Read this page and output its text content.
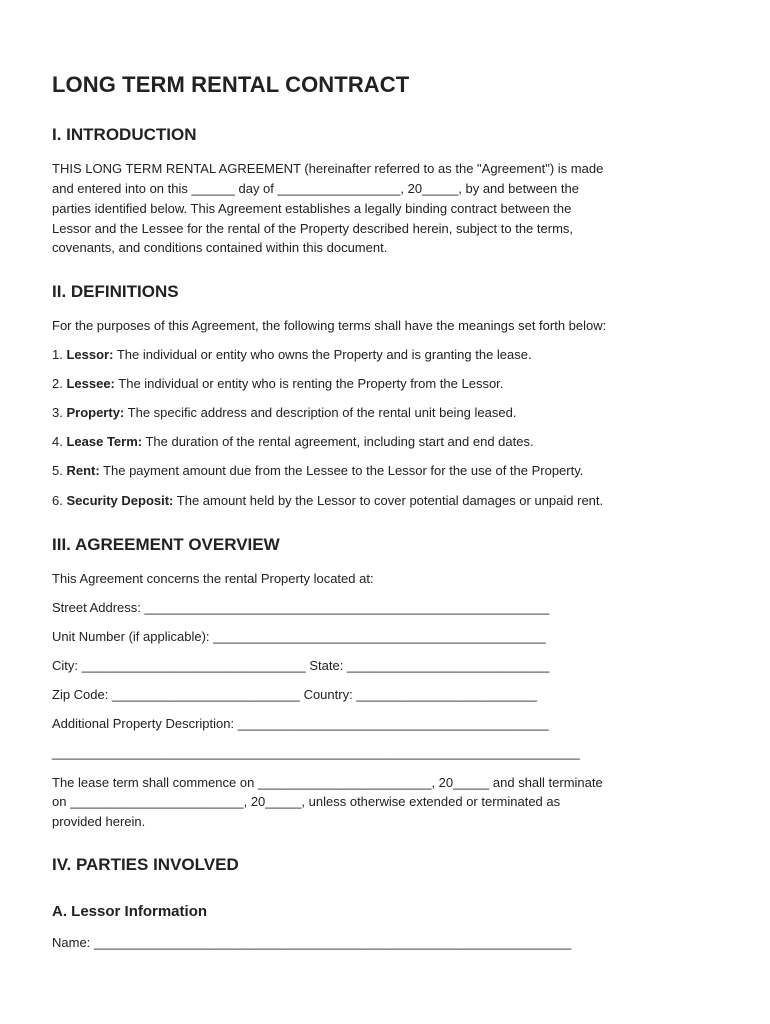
LONG TERM RENTAL CONTRACT
I. INTRODUCTION
THIS LONG TERM RENTAL AGREEMENT (hereinafter referred to as the "Agreement") is made
and entered into on this ______ day of _________________, 20_____, by and between the
parties identified below. This Agreement establishes a legally binding contract between the
Lessor and the Lessee for the rental of the Property described herein, subject to the terms,
covenants, and conditions contained within this document.
II. DEFINITIONS
For the purposes of this Agreement, the following terms shall have the meanings set forth below:
1. Lessor: The individual or entity who owns the Property and is granting the lease.
2. Lessee: The individual or entity who is renting the Property from the Lessor.
3. Property: The specific address and description of the rental unit being leased.
4. Lease Term: The duration of the rental agreement, including start and end dates.
5. Rent: The payment amount due from the Lessee to the Lessor for the use of the Property.
6. Security Deposit: The amount held by the Lessor to cover potential damages or unpaid rent.
III. AGREEMENT OVERVIEW
This Agreement concerns the rental Property located at:
Street Address: ________________________________________________________
Unit Number (if applicable): ______________________________________________
City: _______________________________ State: ____________________________
Zip Code: __________________________ Country: _________________________
Additional Property Description: ___________________________________________
_________________________________________________________________________
The lease term shall commence on ________________________, 20_____ and shall terminate
on ________________________, 20_____, unless otherwise extended or terminated as
provided herein.
IV. PARTIES INVOLVED
A. Lessor Information
Name: __________________________________________________________________
